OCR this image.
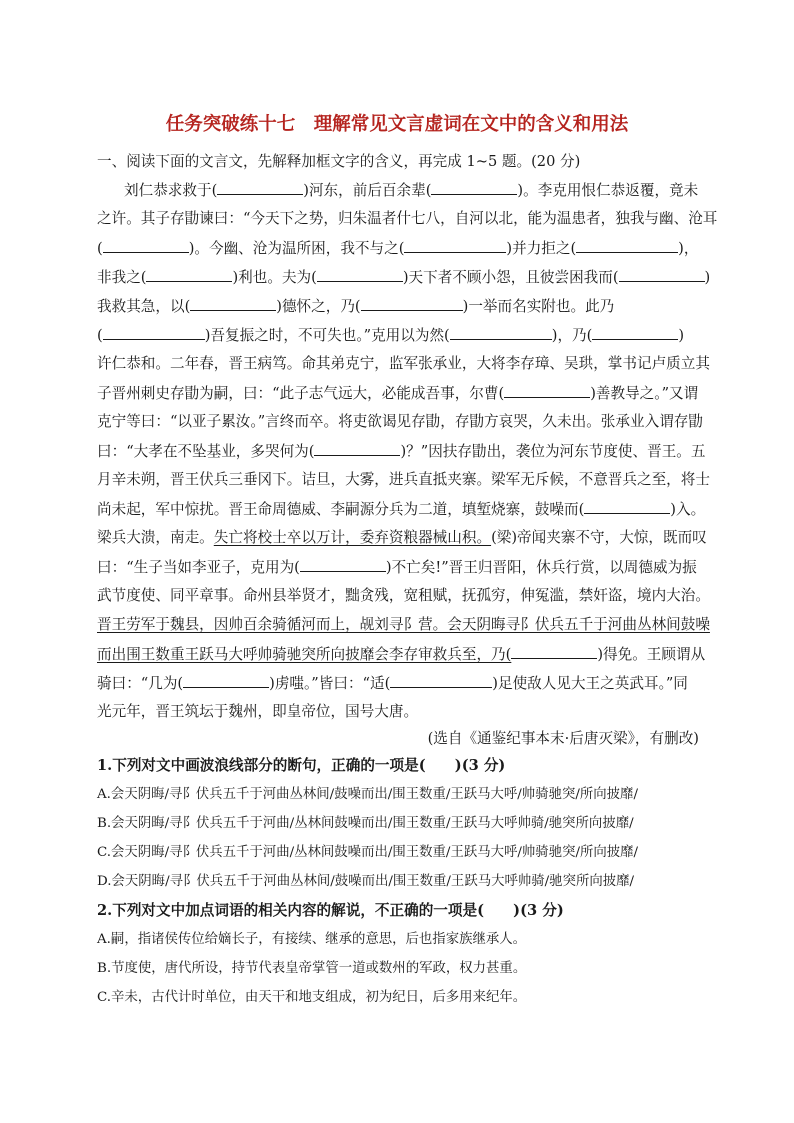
任务突破练十七　理解常见文言虚词在文中的含义和用法
一、阅读下面的文言文，先解释加框文字的含义，再完成 1~5 题。(20 分)
刘仁恭求救于(	)河东，前后百余辈(	)。李克用恨仁恭返覆，竟未
之许。其子存勖谏曰：“今天下之势，归朱温者什七八，自河以北，能为温患者，独我与幽、沧耳
(	)。今幽、沧为温所困，我不与之(	)并力拒之(	)，
非我之(	)利也。夫为(	)天下者不顾小怨，且彼尝困我而(	)
我救其急，以(	)德怀之，乃(	)一举而名实附也。此乃
(	)吾复振之时，不可失也。”克用以为然(	)，乃(	)
许仁恭和。二年春，晋王病笃。命其弟克宁，监军张承业，大将李存璋、吴珙，掌书记卢质立其
子晋州刺史存勖为嗣，曰：“此子志气远大，必能成吾事，尔曹(	)善教导之。”又谓
克宁等曰：“以亚子累汝。”言终而卒。将吏欲谒见存勖，存勖方哀哭，久未出。张承业入谓存勖
曰：“大孝在不坠基业，多哭何为(	)？”因扶存勖出，袭位为河东节度使、晋王。五
月辛未朔，晋王伏兵三垂冈下。诘旦，大雾，进兵直抵夹寨。梁军无斥候，不意晋兵之至，将士
尚未起，军中惊扰。晋王命周德威、李嗣源分兵为二道，填堑烧寨，鼓噪而(	)入。
梁兵大溃，南走。失亡将校士卒以万计，委弃资粮器械山积。(梁)帝闻夹寨不守，大惊，既而叹
曰：“生子当如李亚子，克用为(	)不亡矣!”晋王归晋阳，休兵行赏，以周德威为振
武节度使、同平章事。命州县举贤才，黜贪残，宽租赋，抚孤穷，伸冤滥，禁奸盗，境内大治。
晋王劳军于魏县，因帅百余骑循河而上，觇刘寻阝营。会天阴晦寻阝伏兵五千于河曲丛林间鼓噪
而出围王数重王跃马大呼帅骑驰突所向披靡会李存审救兵至，乃(	)得免。王顾谓从
骑曰：“几为(	)虏嗤。”皆曰：“适(	)足使敌人见大王之英武耳。”同
光元年，晋王筑坛于魏州，即皇帝位，国号大唐。
(选自《通鉴纪事本末·后唐灭梁》，有删改)
1.下列对文中画波浪线部分的断句，正确的一项是(　　)(3 分)
A.会天阴晦/寻阝伏兵五千于河曲丛林间/鼓噪而出/围王数重/王跃马大呼/帅骑驰突/所向披靡/
B.会天阴晦/寻阝伏兵五千于河曲/丛林间鼓噪而出/围王数重/王跃马大呼帅骑/驰突所向披靡/
C.会天阴晦/寻阝伏兵五千于河曲/丛林间鼓噪而出/围王数重/王跃马大呼/帅骑驰突/所向披靡/
D.会天阴晦/寻阝伏兵五千于河曲丛林间/鼓噪而出/围王数重/王跃马大呼帅骑/驰突所向披靡/
2.下列对文中加点词语的相关内容的解说，不正确的一项是(　　)(3 分)
A.嗣，指诸侯传位给嫡长子，有接续、继承的意思，后也指家族继承人。
B.节度使，唐代所设，持节代表皇帝掌管一道或数州的军政，权力甚重。
C.辛未，古代计时单位，由天干和地支组成，初为纪日，后多用来纪年。
